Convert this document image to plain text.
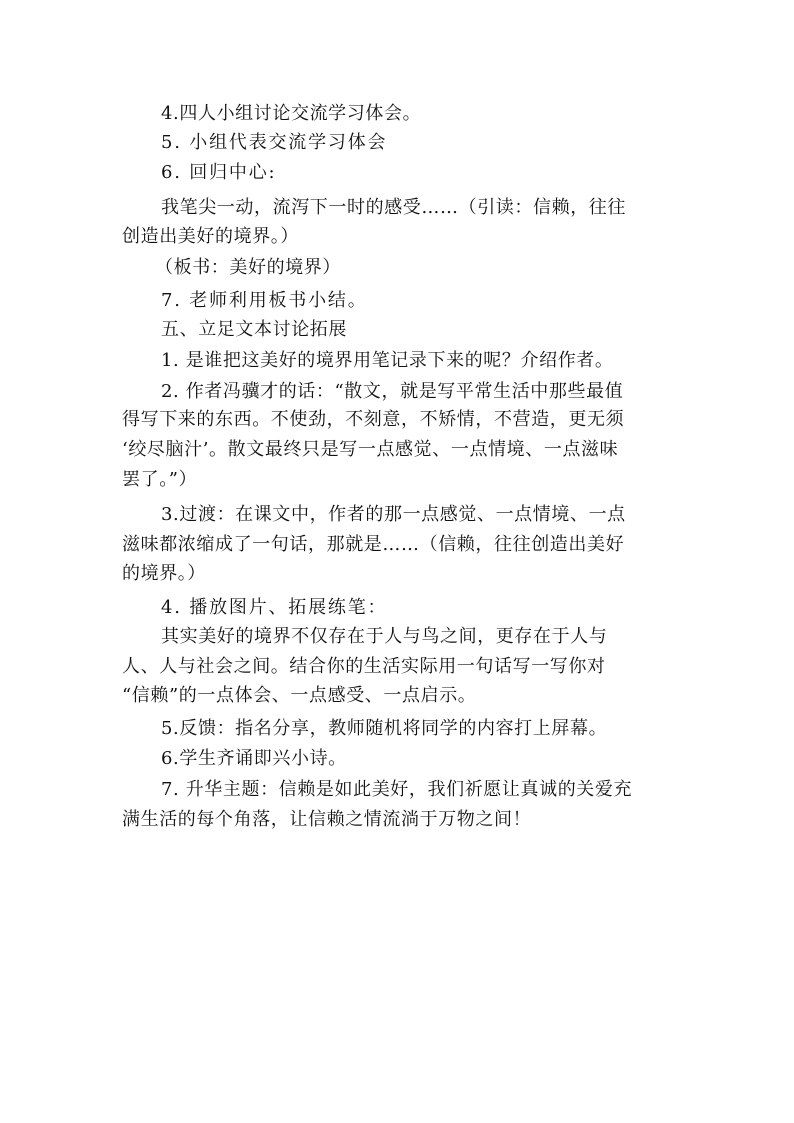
4.四人小组讨论交流学习体会。
5. 小组代表交流学习体会
6. 回归中心:
我笔尖一动，流泻下一时的感受……（引读：信赖，往往
创造出美好的境界。）
（板书：美好的境界）
7. 老师利用板书小结。
五、立足文本讨论拓展
1. 是谁把这美好的境界用笔记录下来的呢？介绍作者。
2. 作者冯骥才的话：“散文，就是写平常生活中那些最值
得写下来的东西。不使劲，不刻意，不矫情，不营造，更无须
‘绞尽脑汁’。散文最终只是写一点感觉、一点情境、一点滋味
罢了。”）
3.过渡：在课文中，作者的那一点感觉、一点情境、一点
滋味都浓缩成了一句话，那就是……（信赖，往往创造出美好
的境界。）
4. 播放图片、拓展练笔：
其实美好的境界不仅存在于人与鸟之间，更存在于人与
人、人与社会之间。结合你的生活实际用一句话写一写你对
“信赖”的一点体会、一点感受、一点启示。
5.反馈：指名分享，教师随机将同学的内容打上屏幕。
6.学生齐诵即兴小诗。
7. 升华主题：信赖是如此美好，我们祈愿让真诚的关爱充
满生活的每个角落，让信赖之情流淌于万物之间！
